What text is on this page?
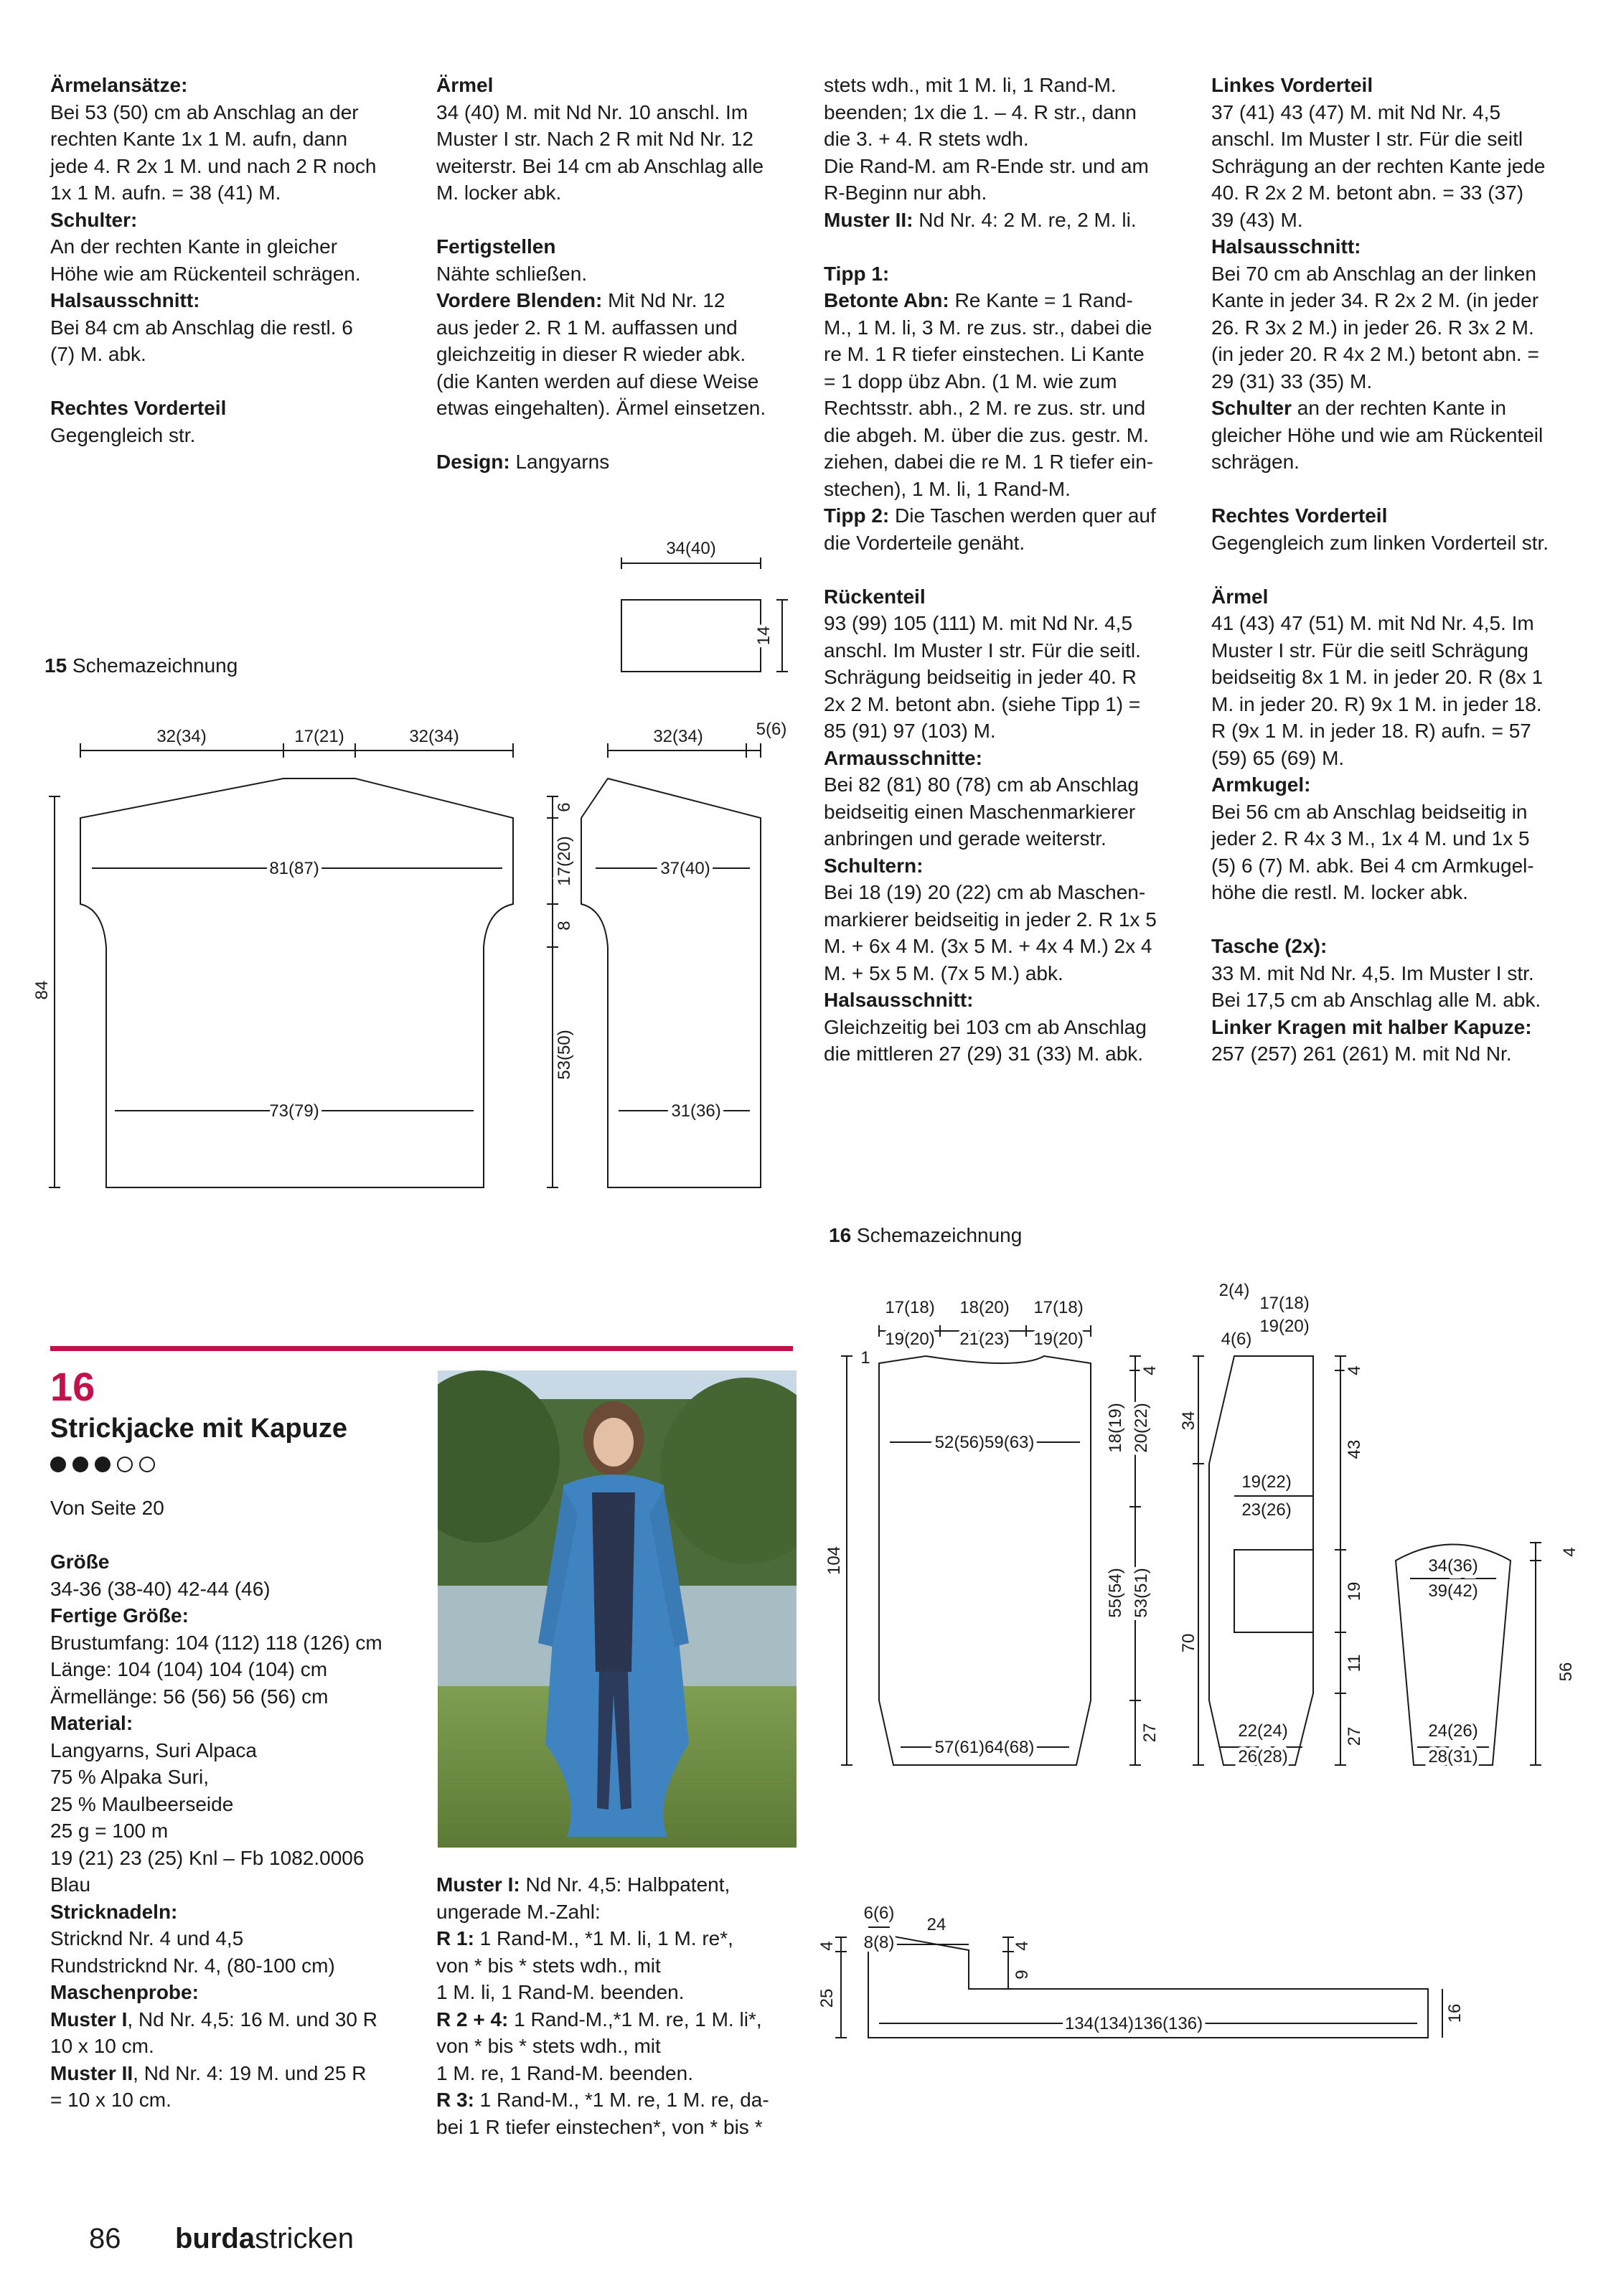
Ärmelansätze:

Bei 53 (50) cm ab Anschlag an der

rechten Kante 1x 1 M. aufn, dann

jede 4. R 2x 1 M. und nach 2 R noch

1x 1 M. aufn. = 38 (41) M.

Schulter:

An der rechten Kante in gleicher

Höhe wie am Rückenteil schrägen.

Halsausschnitt:

Bei 84 cm ab Anschlag die restl. 6

(7) M. abk.

Rechtes Vorderteil

Gegengleich str.

Ärmel

34 (40) M. mit Nd Nr. 10 anschl. Im

Muster I str. Nach 2 R mit Nd Nr. 12

weiterstr. Bei 14 cm ab Anschlag alle

M. locker abk.

Fertigstellen

Nähte schließen.

Vordere Blenden: Mit Nd Nr. 12

aus jeder 2. R 1 M. auffassen und

gleichzeitig in dieser R wieder abk.

(die Kanten werden auf diese Weise

etwas eingehalten). Ärmel einsetzen.

Design: Langyarns

stets wdh., mit 1 M. li, 1 Rand-M.

beenden; 1x die 1. – 4. R str., dann

die 3. + 4. R stets wdh.

Die Rand-M. am R-Ende str. und am

R-Beginn nur abh.

Muster II: Nd Nr. 4: 2 M. re, 2 M. li.

Tipp 1:

Betonte Abn: Re Kante = 1 Rand-

M., 1 M. li, 3 M. re zus. str., dabei die

re M. 1 R tiefer einstechen. Li Kante

= 1 dopp übz Abn. (1 M. wie zum

Rechtsstr. abh., 2 M. re zus. str. und

die abgeh. M. über die zus. gestr. M.

ziehen, dabei die re M. 1 R tiefer ein-

stechen), 1 M. li, 1 Rand-M.

Tipp 2: Die Taschen werden quer auf

die Vorderteile genäht.

Rückenteil

93 (99) 105 (111) M. mit Nd Nr. 4,5

anschl. Im Muster I str. Für die seitl.

Schrägung beidseitig in jeder 40. R

2x 2 M. betont abn. (siehe Tipp 1) =

85 (91) 97 (103) M.

Armausschnitte:

Bei 82 (81) 80 (78) cm ab Anschlag

beidseitig einen Maschenmarkierer

anbringen und gerade weiterstr.

Schultern:

Bei 18 (19) 20 (22) cm ab Maschen-

markierer beidseitig in jeder 2. R 1x 5

M. + 6x 4 M. (3x 5 M. + 4x 4 M.) 2x 4

M. + 5x 5 M. (7x 5 M.) abk.

Halsausschnitt:

Gleichzeitig bei 103 cm ab Anschlag

die mittleren 27 (29) 31 (33) M. abk.

Linkes Vorderteil

37 (41) 43 (47) M. mit Nd Nr. 4,5

anschl. Im Muster I str. Für die seitl

Schrägung an der rechten Kante jede

40. R 2x 2 M. betont abn. = 33 (37)

39 (43) M.

Halsausschnitt:

Bei 70 cm ab Anschlag an der linken

Kante in jeder 34. R 2x 2 M. (in jeder

26. R 3x 2 M.) in jeder 26. R 3x 2 M.

(in jeder 20. R 4x 2 M.) betont abn. =

29 (31) 33 (35) M.

Schulter an der rechten Kante in

gleicher Höhe und wie am Rückenteil

schrägen.

Rechtes Vorderteil

Gegengleich zum linken Vorderteil str.

Ärmel

41 (43) 47 (51) M. mit Nd Nr. 4,5. Im

Muster I str. Für die seitl Schrägung

beidseitig 8x 1 M. in jeder 20. R (8x 1

M. in jeder 20. R) 9x 1 M. in jeder 18.

R (9x 1 M. in jeder 18. R) aufn. = 57

(59) 65 (69) M.

Armkugel:

Bei 56 cm ab Anschlag beidseitig in

jeder 2. R 4x 3 M., 1x 4 M. und 1x 5

(5) 6 (7) M. abk. Bei 4 cm Armkugel-

höhe die restl. M. locker abk.

Tasche (2x):

33 M. mit Nd Nr. 4,5. Im Muster I str.

Bei 17,5 cm ab Anschlag alle M. abk.

Linker Kragen mit halber Kapuze:

257 (257) 261 (261) M. mit Nd Nr.

Von Seite 20

Größe

34-36 (38-40) 42-44 (46)

Fertige Größe:

Brustumfang: 104 (112) 118 (126) cm

Länge: 104 (104) 104 (104) cm

Ärmellänge: 56 (56) 56 (56) cm

Material:

Langyarns, Suri Alpaca

75 % Alpaka Suri,

25 % Maulbeerseide

25 g = 100 m

19 (21) 23 (25) Knl – Fb 1082.0006

Blau

Stricknadeln:

Stricknd Nr. 4 und 4,5

Rundstricknd Nr. 4, (80-100 cm)

Maschenprobe:

Muster I, Nd Nr. 4,5: 16 M. und 30 R

10 x 10 cm.

Muster II, Nd Nr. 4: 19 M. und 25 R

= 10 x 10 cm.

Muster I: Nd Nr. 4,5: Halbpatent,

ungerade M.-Zahl:

R 1: 1 Rand-M., *1 M. li, 1 M. re*,

von * bis * stets wdh., mit

1 M. li, 1 Rand-M. beenden.

R 2 + 4: 1 Rand-M.,*1 M. re, 1 M. li*,

von * bis * stets wdh., mit

1 M. re, 1 Rand-M. beenden.

R 3: 1 Rand-M., *1 M. re, 1 M. re, da-

bei 1 R tiefer einstechen*, von * bis *

15 Schemazeichnung
16 Schemazeichnung
16
Strickjacke mit Kapuze
34(40)
14
32(34)	17(21)	32(34)
81(87)
73(79)
84
32(34)	5(6)
37(40)
31(36)
6
17(20)
8
53(50)
17(18)
19(20)
18(20)
21(23)
17(18)
19(20)
1
52(56)59(63)
57(61)64(68)
104
18(19) 20(22)
4
55(54) 53(51)
27
2(4)
17(18)
19(20)
4(6)
34
70
4
43
19(22)
23(26)
19
11
27
22(24)
26(28)
34(36)
39(42)
4
56
24(26)
28(31)
6(6)
24
8(8)
4
25
9
4
134(134)136(136)
16
86 burdastricken
